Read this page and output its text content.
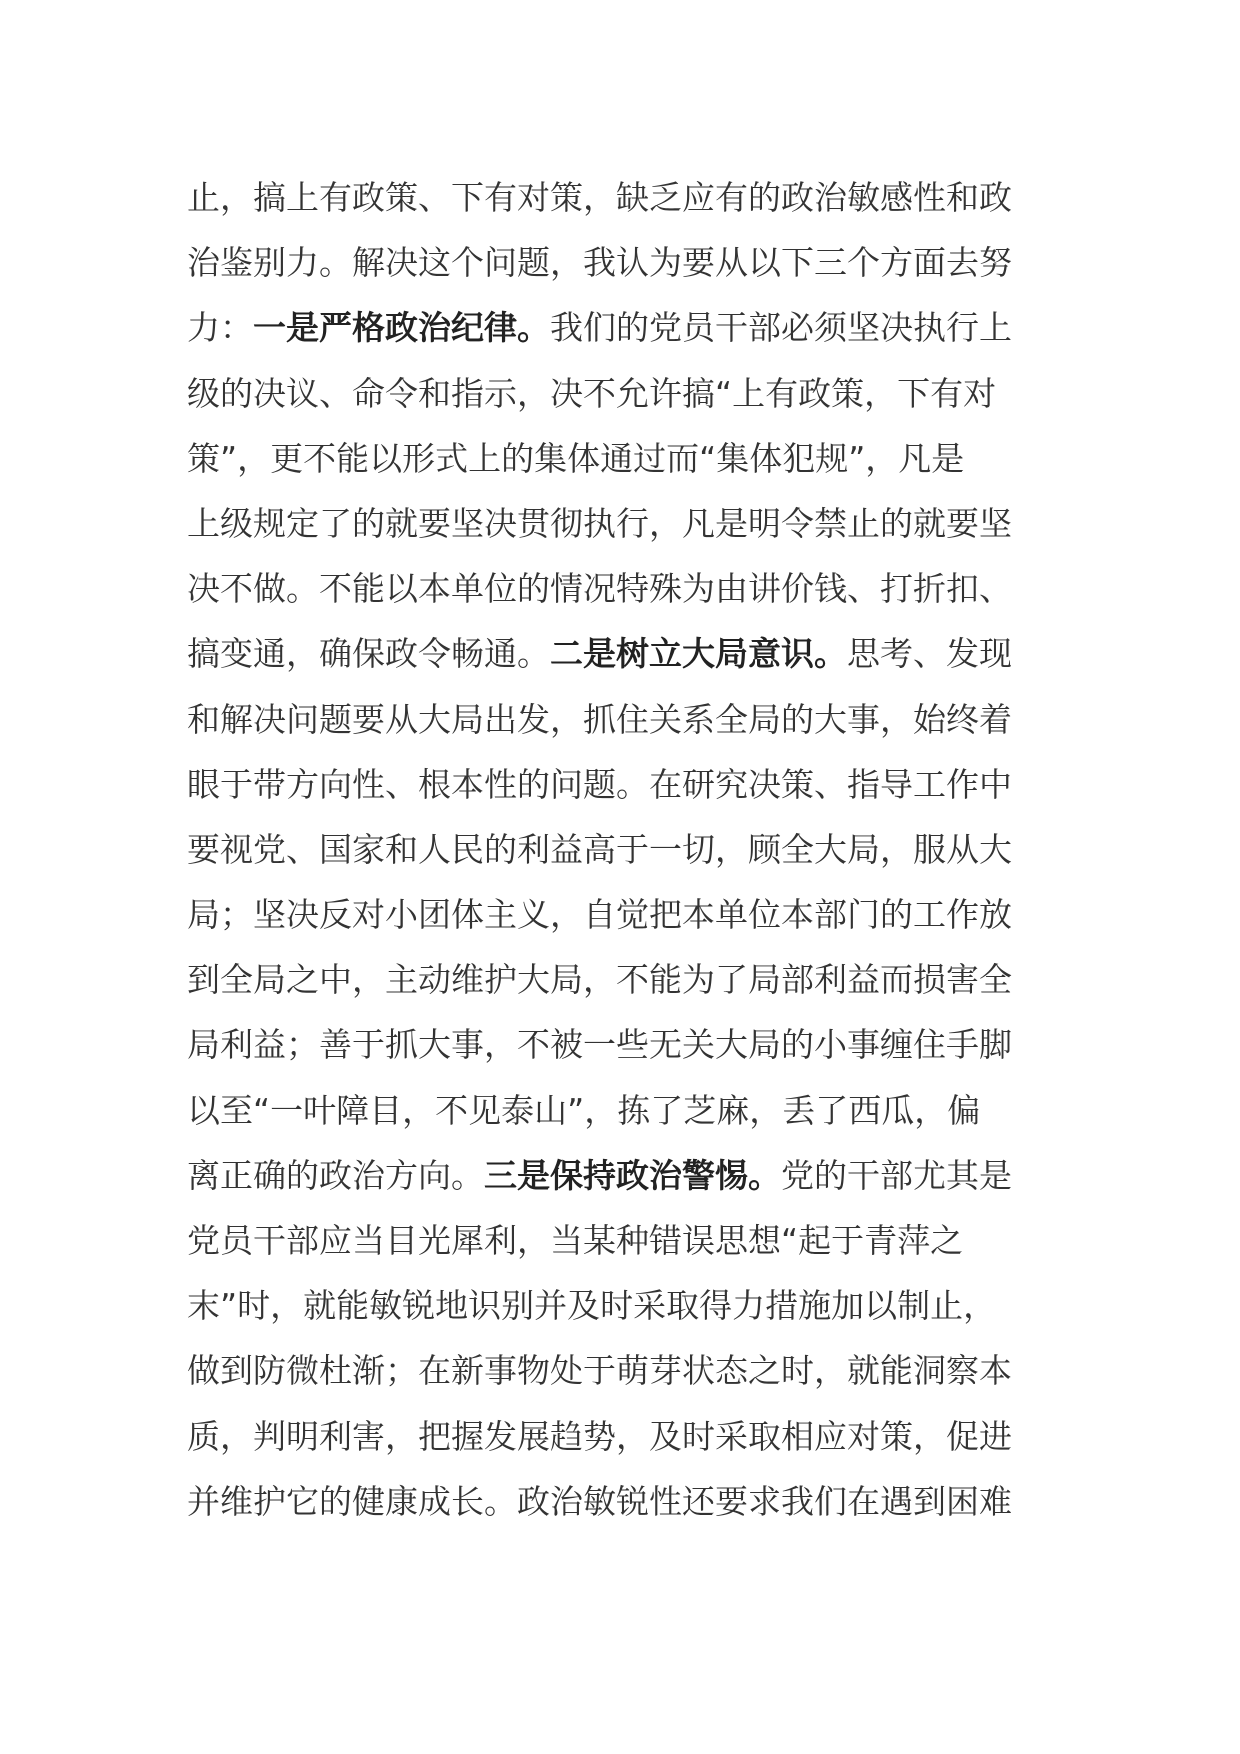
止，搞上有政策、下有对策，缺乏应有的政治敏感性和政
治鉴别力。解决这个问题，我认为要从以下三个方面去努
力：一是严格政治纪律。我们的党员干部必须坚决执行上
级的决议、命令和指示，决不允许搞“上有政策，下有对
策”，更不能以形式上的集体通过而“集体犯规”，凡是
上级规定了的就要坚决贯彻执行，凡是明令禁止的就要坚
决不做。不能以本单位的情况特殊为由讲价钱、打折扣、
搞变通，确保政令畅通。二是树立大局意识。思考、发现
和解决问题要从大局出发，抓住关系全局的大事，始终着
眼于带方向性、根本性的问题。在研究决策、指导工作中
要视党、国家和人民的利益高于一切，顾全大局，服从大
局；坚决反对小团体主义，自觉把本单位本部门的工作放
到全局之中，主动维护大局，不能为了局部利益而损害全
局利益；善于抓大事，不被一些无关大局的小事缠住手脚
以至“一叶障目，不见泰山”，拣了芝麻，丢了西瓜，偏
离正确的政治方向。三是保持政治警惕。党的干部尤其是
党员干部应当目光犀利，当某种错误思想“起于青萍之
末”时，就能敏锐地识别并及时采取得力措施加以制止，
做到防微杜渐；在新事物处于萌芽状态之时，就能洞察本
质，判明利害，把握发展趋势，及时采取相应对策，促进
并维护它的健康成长。政治敏锐性还要求我们在遇到困难
